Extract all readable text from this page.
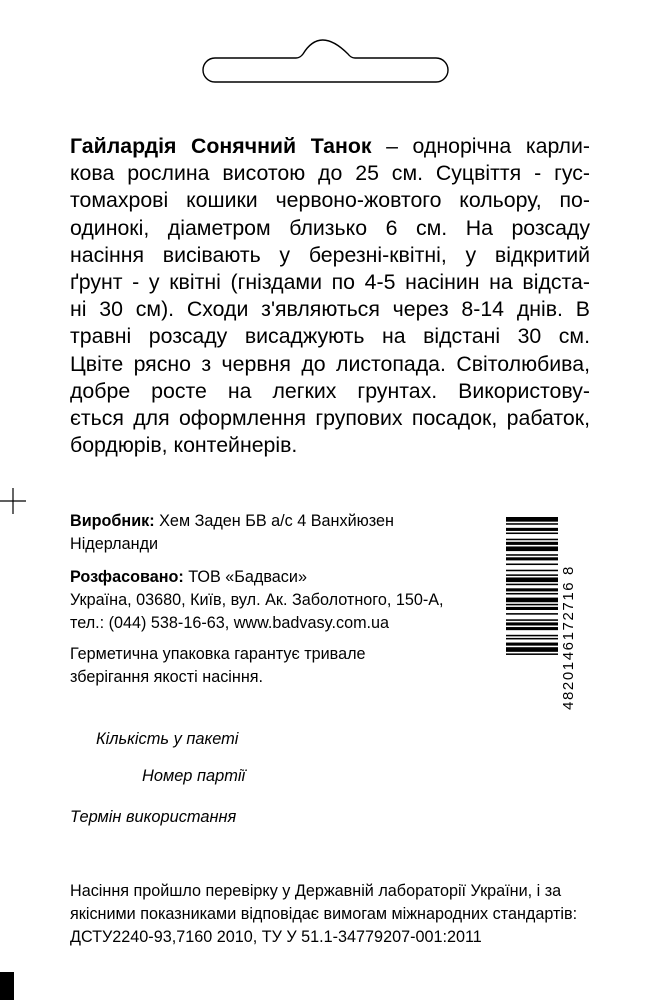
Гайлардія Сонячний Танок – однорічна карли-
кова рослина висотою до 25 см. Суцвіття - гус-
томахрові кошики червоно-жовтого кольору, по-
одинокі, діаметром близько 6 см. На розсаду
насіння висівають у березні-квітні, у відкритий
ґрунт - у квітні (гніздами по 4-5 насінин на відста-
ні 30 см). Сходи з'являються через 8-14 днів. В
травні розсаду висаджують на відстані 30 см.
Цвіте рясно з червня до листопада. Світолюбива,
добре росте на легких грунтах. Використову-
ється для оформлення групових посадок, рабаток, бордюрів, контейнерів.
Виробник: Хем Заден БВ а/с 4 Ванхйюзен
Нідерланди
Розфасовано: ТОВ «Бадваси»
Україна, 03680, Київ, вул. Ак. Заболотного, 150-А,
тел.: (044) 538-16-63, www.badvasy.com.ua
Герметична упаковка гарантує тривале
зберігання якості насіння.
Кількість у пакеті
Номер партії
Термін використання
Насіння пройшло перевірку у Державній лабораторії України, і за
якісними показниками відповідає вимогам міжнародних стандартів:
ДСТУ2240-93,7160 2010, ТУ У 51.1-34779207-001:2011
4820146172716 8
